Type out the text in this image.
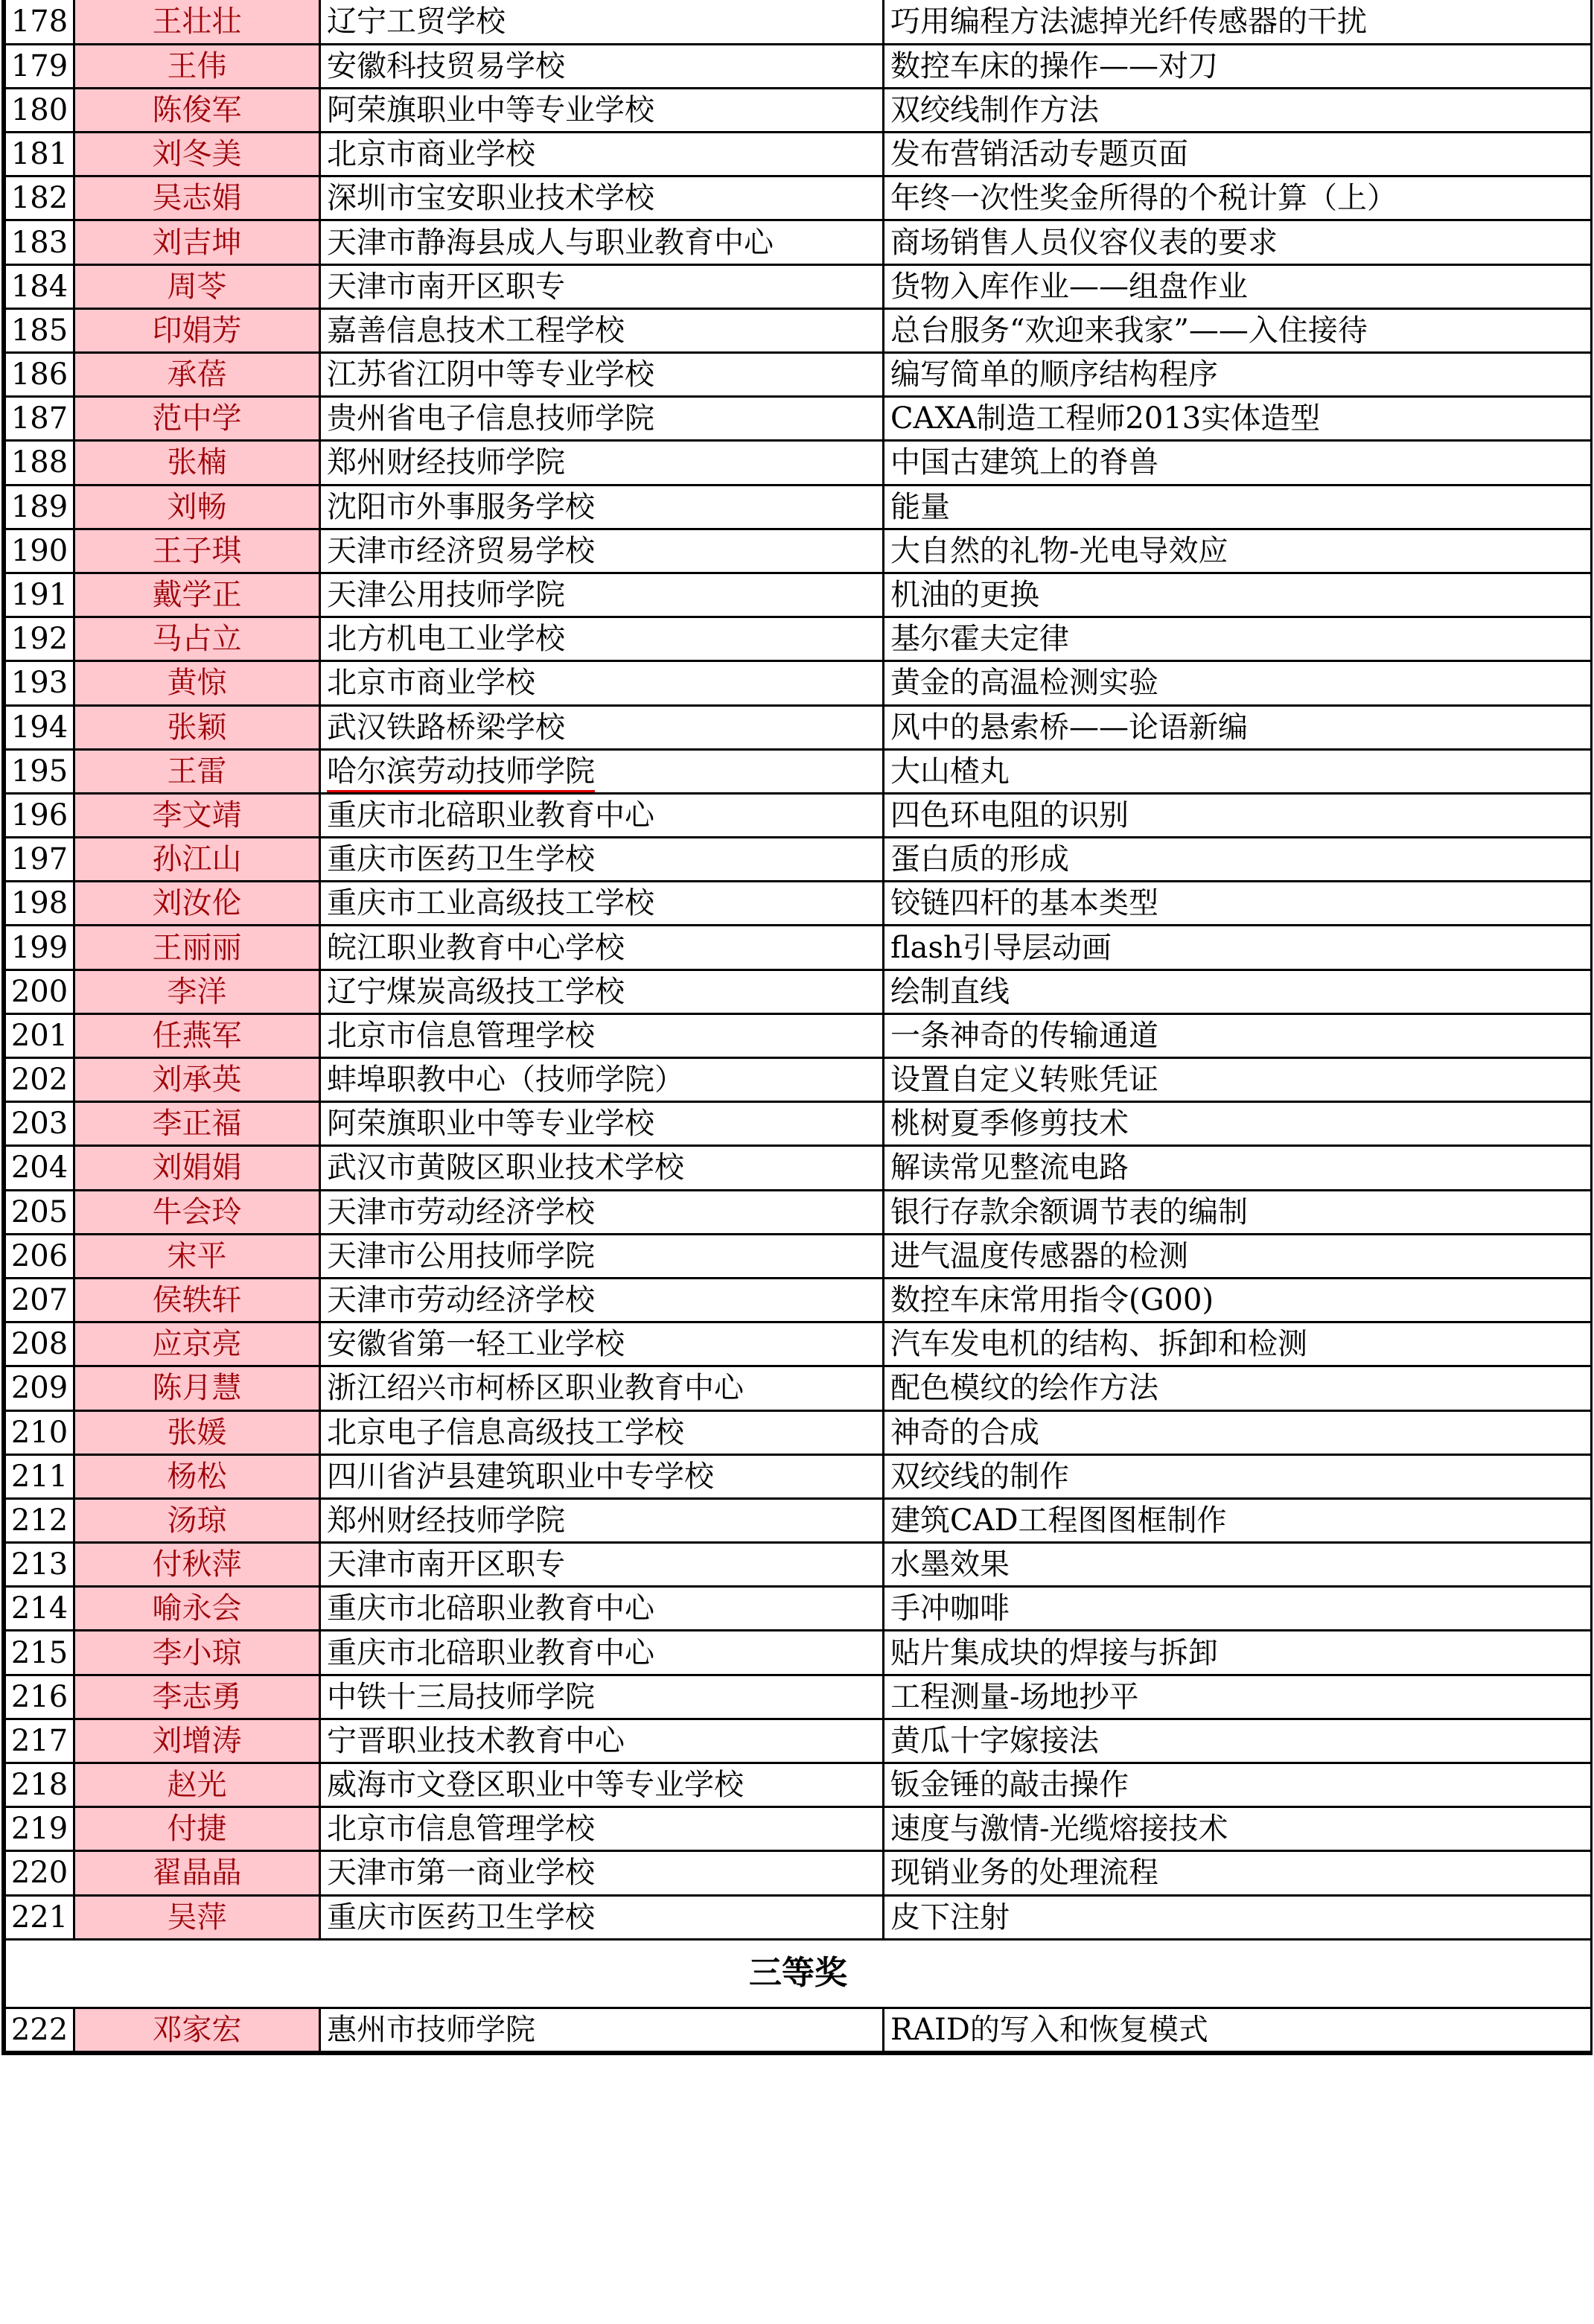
178	王壮壮	辽宁工贸学校	巧用编程方法滤掉光纤传感器的干扰
179	王伟	安徽科技贸易学校	数控车床的操作——对刀
180	陈俊军	阿荣旗职业中等专业学校	双绞线制作方法
181	刘冬美	北京市商业学校	发布营销活动专题页面
182	吴志娟	深圳市宝安职业技术学校	年终一次性奖金所得的个税计算（上）
183	刘吉坤	天津市静海县成人与职业教育中心	商场销售人员仪容仪表的要求
184	周苓	天津市南开区职专	货物入库作业——组盘作业
185	印娟芳	嘉善信息技术工程学校	总台服务“欢迎来我家”——入住接待
186	承蓓	江苏省江阴中等专业学校	编写简单的顺序结构程序
187	范中学	贵州省电子信息技师学院	CAXA制造工程师2013实体造型
188	张楠	郑州财经技师学院	中国古建筑上的脊兽
189	刘畅	沈阳市外事服务学校	能量
190	王子琪	天津市经济贸易学校	大自然的礼物-光电导效应
191	戴学正	天津公用技师学院	机油的更换
192	马占立	北方机电工业学校	基尔霍夫定律
193	黄惊	北京市商业学校	黄金的高温检测实验
194	张颖	武汉铁路桥梁学校	风中的悬索桥——论语新编
195	王雷	哈尔滨劳动技师学院	大山楂丸
196	李文靖	重庆市北碚职业教育中心	四色环电阻的识别
197	孙江山	重庆市医药卫生学校	蛋白质的形成
198	刘汝伦	重庆市工业高级技工学校	铰链四杆的基本类型
199	王丽丽	皖江职业教育中心学校	flash引导层动画
200	李洋	辽宁煤炭高级技工学校	绘制直线
201	任燕军	北京市信息管理学校	一条神奇的传输通道
202	刘承英	蚌埠职教中心（技师学院）	设置自定义转账凭证
203	李正福	阿荣旗职业中等专业学校	桃树夏季修剪技术
204	刘娟娟	武汉市黄陂区职业技术学校	解读常见整流电路
205	牛会玲	天津市劳动经济学校	银行存款余额调节表的编制
206	宋平	天津市公用技师学院	进气温度传感器的检测
207	侯轶轩	天津市劳动经济学校	数控车床常用指令(G00)
208	应京亮	安徽省第一轻工业学校	汽车发电机的结构、拆卸和检测
209	陈月慧	浙江绍兴市柯桥区职业教育中心	配色模纹的绘作方法
210	张媛	北京电子信息高级技工学校	神奇的合成
211	杨松	四川省泸县建筑职业中专学校	双绞线的制作
212	汤琼	郑州财经技师学院	建筑CAD工程图图框制作
213	付秋萍	天津市南开区职专	水墨效果
214	喻永会	重庆市北碚职业教育中心	手冲咖啡
215	李小琼	重庆市北碚职业教育中心	贴片集成块的焊接与拆卸
216	李志勇	中铁十三局技师学院	工程测量-场地抄平
217	刘增涛	宁晋职业技术教育中心	黄瓜十字嫁接法
218	赵光	威海市文登区职业中等专业学校	钣金锤的敲击操作
219	付捷	北京市信息管理学校	速度与激情-光缆熔接技术
220	翟晶晶	天津市第一商业学校	现销业务的处理流程
221	吴萍	重庆市医药卫生学校	皮下注射
三等奖			
222	邓家宏	惠州市技师学院	RAID的写入和恢复模式
